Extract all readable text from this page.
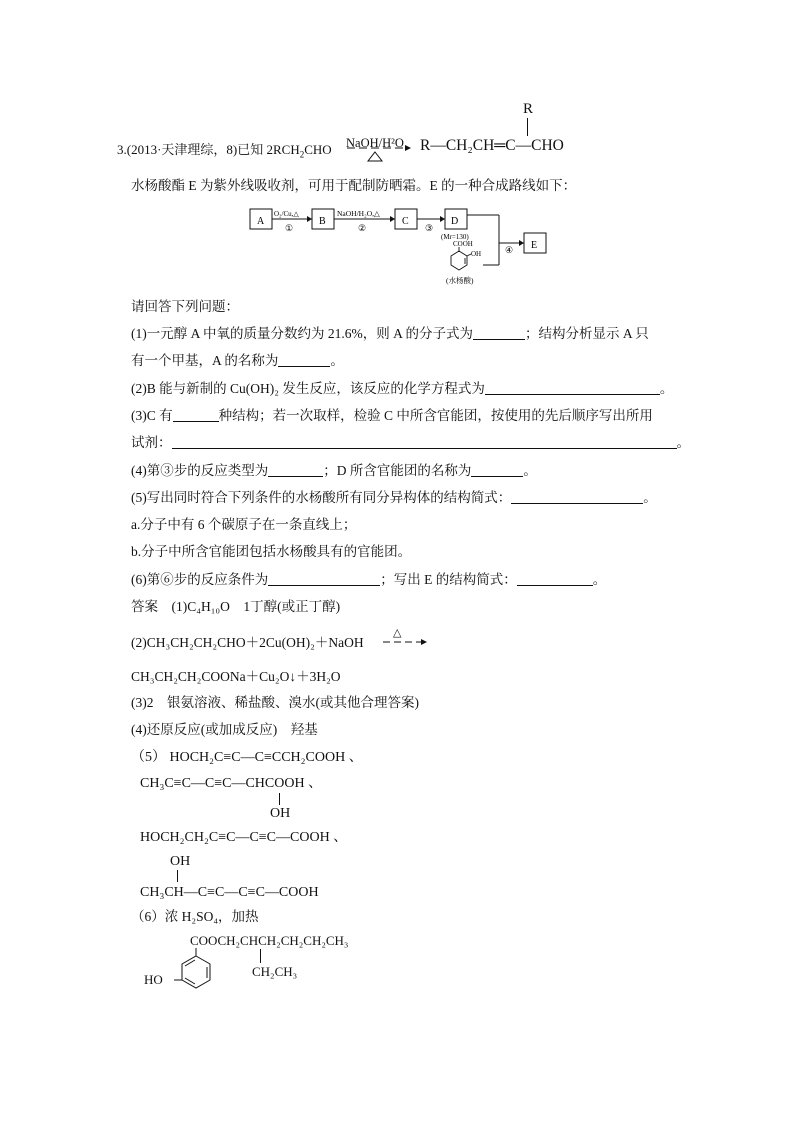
3.(2013·天津理综，8)已知 $2RCH_2CHO$ NaOH/H²O
R
R—CH₂CH═C—CHO
水杨酸酯 E 为紫外线吸收剂，可用于配制防晒霜。E 的一种合成路线如下：
A	B	C	D
E
O₂/Cu,△
①
NaOH/H₂O,△
②	③
(Mr=130)
④
COOH
OH
(水杨酸)
请回答下列问题：
(1)一元醇 A 中氧的质量分数约为 21.6%，则 A 的分子式为	；结构分析显示 A 只
有一个甲基，A 的名称为	。
(2)B 能与新制的 Cu(OH)₂ 发生反应，该反应的化学方程式为	。
(3)C 有	种结构；若一次取样，检验 C 中所含官能团，按使用的先后顺序写出所用
试剂：	。
(4)第③步的反应类型为	；D 所含官能团的名称为	。
(5)写出同时符合下列条件的水杨酸所有同分异构体的结构简式：	。
a.分子中有 6 个碳原子在一条直线上；
b.分子中所含官能团包括水杨酸具有的官能团。
(6)第⑥步的反应条件为	；写出 E 的结构简式：	。
答案　(1)C₄H₁₀O　1丁醇(或正丁醇)
(2)CH₃CH₂CH₂CHO＋2Cu(OH)₂＋NaOH
△
CH₃CH₂CH₂COONa＋Cu₂O↓＋3H₂O
(3)2　银氨溶液、稀盐酸、溴水(或其他合理答案)
(4)还原反应(或加成反应)　羟基
（5） HOCH₂C≡C—C≡CCH₂COOH 、
CH₃C≡C—C≡C—CHCOOH 、
OH
HOCH₂CH₂C≡C—C≡C—COOH 、
OH
CH₃CH—C≡C—C≡C—COOH
（6）浓 H₂SO₄，加热
COOCH₂CHCH₂CH₂CH₂CH₃
CH₂CH₃
HO
